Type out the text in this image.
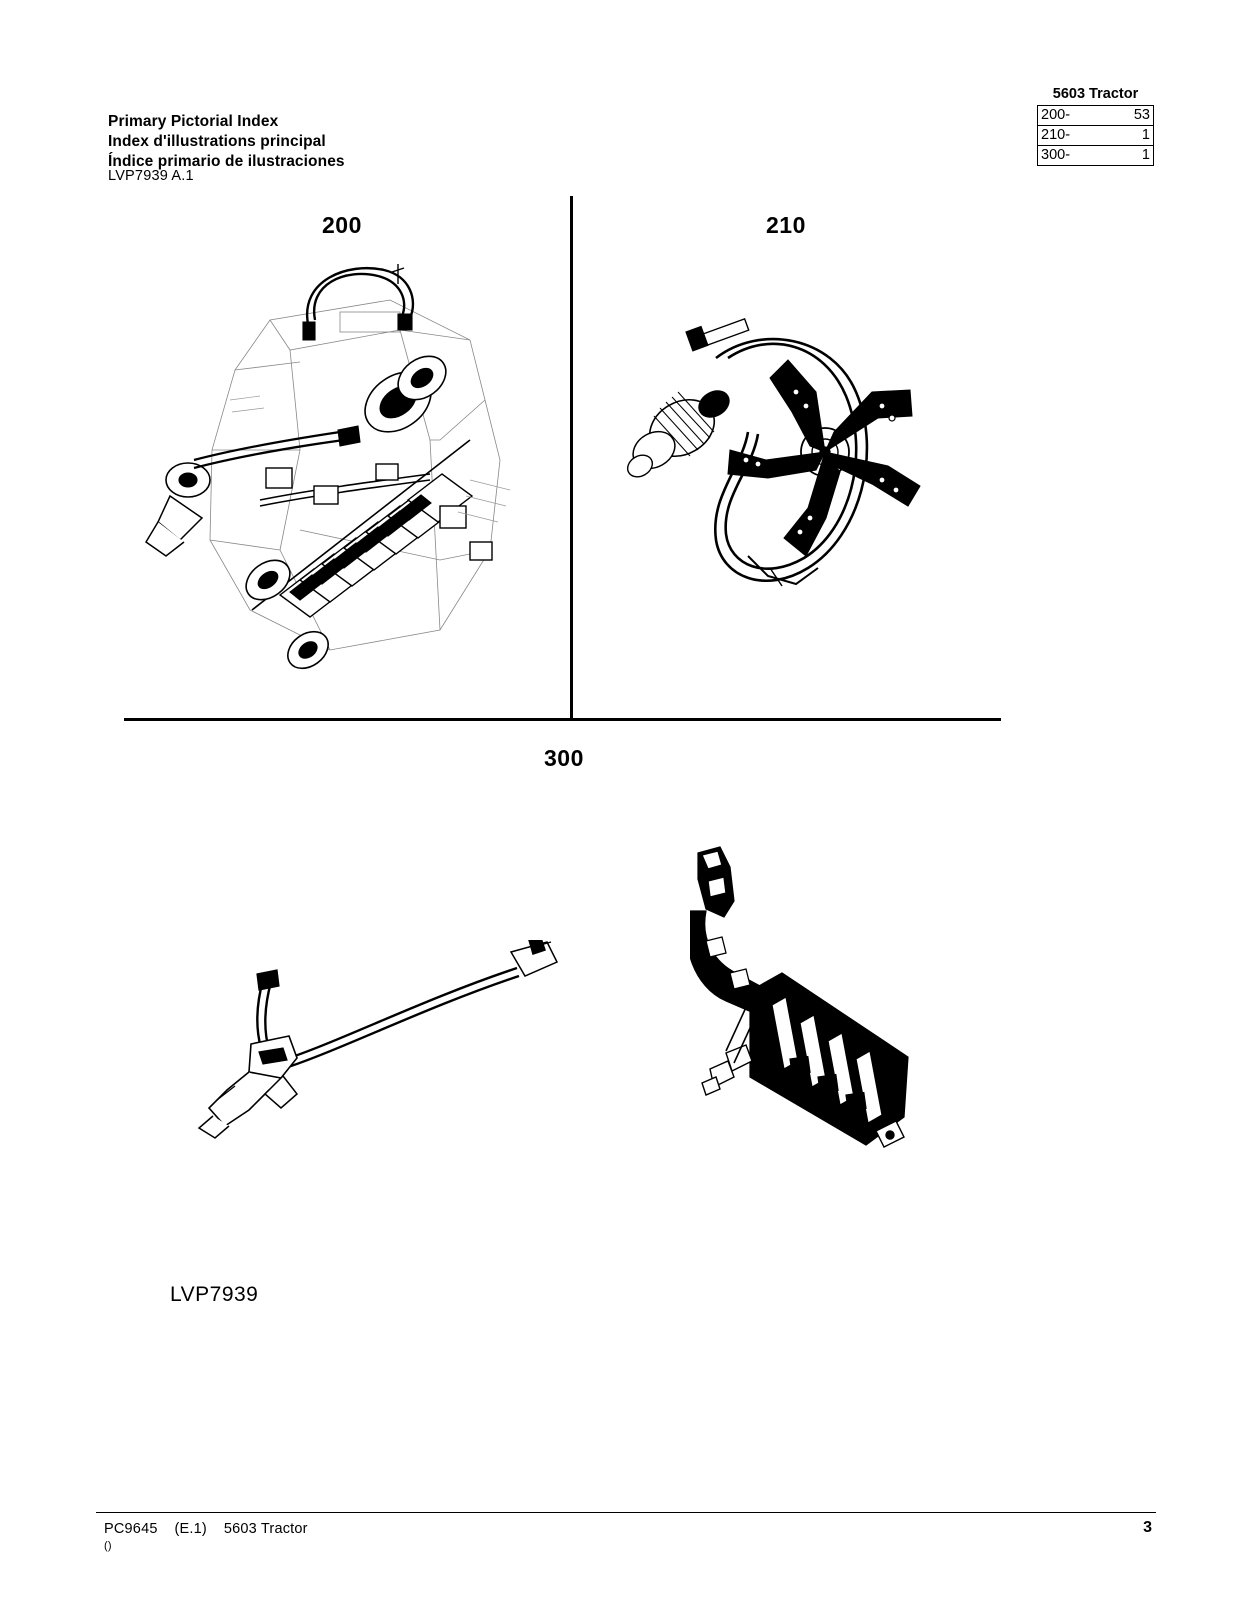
Primary Pictorial Index
Index d'illustrations principal
Índice primario de ilustraciones
5603 Tractor
200-	53
210-	1
300-	1
LVP7939 A.1
200	210
300
LVP7939
PC9645 (E.1) 5603 Tractor
()
3
